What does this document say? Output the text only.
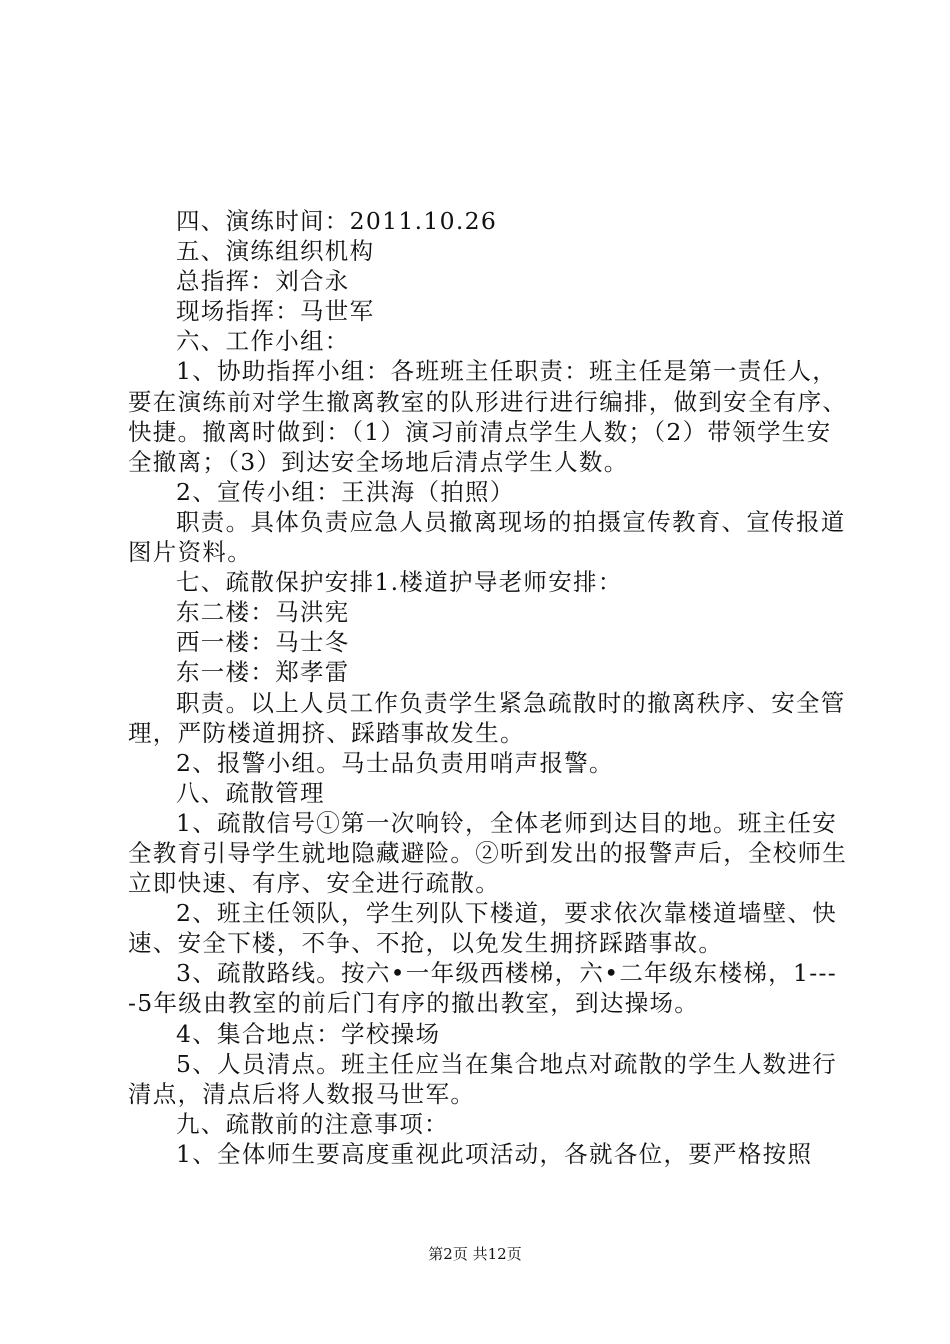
四、演练时间：2011.10.26

五、演练组织机构

总指挥：刘合永

现场指挥：马世军

六、工作小组：

1、协助指挥小组：各班班主任职责：班主任是第一责任人，要在演练前对学生撤离教室的队形进行进行编排，做到安全有序、快捷。撤离时做到：（1）演习前清点学生人数；（2）带领学生安全撤离；（3）到达安全场地后清点学生人数。

2、宣传小组：王洪海（拍照）

职责。具体负责应急人员撤离现场的拍摄宣传教育、宣传报道图片资料。

七、疏散保护安排1.楼道护导老师安排：

东二楼：马洪宪

西一楼：马士冬

东一楼：郑孝雷

职责。以上人员工作负责学生紧急疏散时的撤离秩序、安全管理，严防楼道拥挤、踩踏事故发生。

2、报警小组。马士品负责用哨声报警。

八、疏散管理

1、疏散信号①第一次响铃，全体老师到达目的地。班主任安全教育引导学生就地隐藏避险。②听到发出的报警声后，全校师生立即快速、有序、安全进行疏散。

2、班主任领队，学生列队下楼道，要求依次靠楼道墙壁、快速、安全下楼，不争、不抢，以免发生拥挤踩踏事故。

3、疏散路线。按六•一年级西楼梯，六•二年级东楼梯，1----5年级由教室的前后门有序的撤出教室，到达操场。

4、集合地点：学校操场

5、人员清点。班主任应当在集合地点对疏散的学生人数进行清点，清点后将人数报马世军。

九、疏散前的注意事项：

1、全体师生要高度重视此项活动，各就各位，要严格按照

第2页 共12页
